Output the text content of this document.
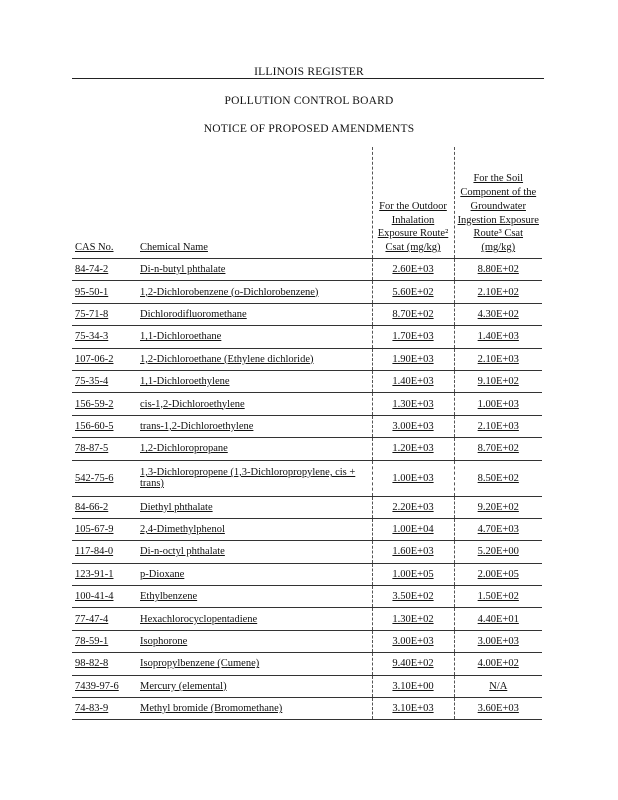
ILLINOIS REGISTER
POLLUTION CONTROL BOARD
NOTICE OF PROPOSED AMENDMENTS
CAS No.	Chemical Name	For the Outdoor Inhalation Exposure Route² Csat (mg/kg)	For the Soil Component of the Groundwater Ingestion Exposure Route³ Csat (mg/kg)
84-74-2	Di-n-butyl phthalate	2.60E+03	8.80E+02
95-50-1	1,2-Dichlorobenzene (o-Dichlorobenzene)	5.60E+02	2.10E+02
75-71-8	Dichlorodifluoromethane	8.70E+02	4.30E+02
75-34-3	1,1-Dichloroethane	1.70E+03	1.40E+03
107-06-2	1,2-Dichloroethane (Ethylene dichloride)	1.90E+03	2.10E+03
75-35-4	1,1-Dichloroethylene	1.40E+03	9.10E+02
156-59-2	cis-1,2-Dichloroethylene	1.30E+03	1.00E+03
156-60-5	trans-1,2-Dichloroethylene	3.00E+03	2.10E+03
78-87-5	1,2-Dichloropropane	1.20E+03	8.70E+02
542-75-6	1,3-Dichloropropene (1,3-Dichloropropylene, cis + trans)	1.00E+03	8.50E+02
84-66-2	Diethyl phthalate	2.20E+03	9.20E+02
105-67-9	2,4-Dimethylphenol	1.00E+04	4.70E+03
117-84-0	Di-n-octyl phthalate	1.60E+03	5.20E+00
123-91-1	p-Dioxane	1.00E+05	2.00E+05
100-41-4	Ethylbenzene	3.50E+02	1.50E+02
77-47-4	Hexachlorocyclopentadiene	1.30E+02	4.40E+01
78-59-1	Isophorone	3.00E+03	3.00E+03
98-82-8	Isopropylbenzene (Cumene)	9.40E+02	4.00E+02
7439-97-6	Mercury (elemental)	3.10E+00	N/A
74-83-9	Methyl bromide (Bromomethane)	3.10E+03	3.60E+03
